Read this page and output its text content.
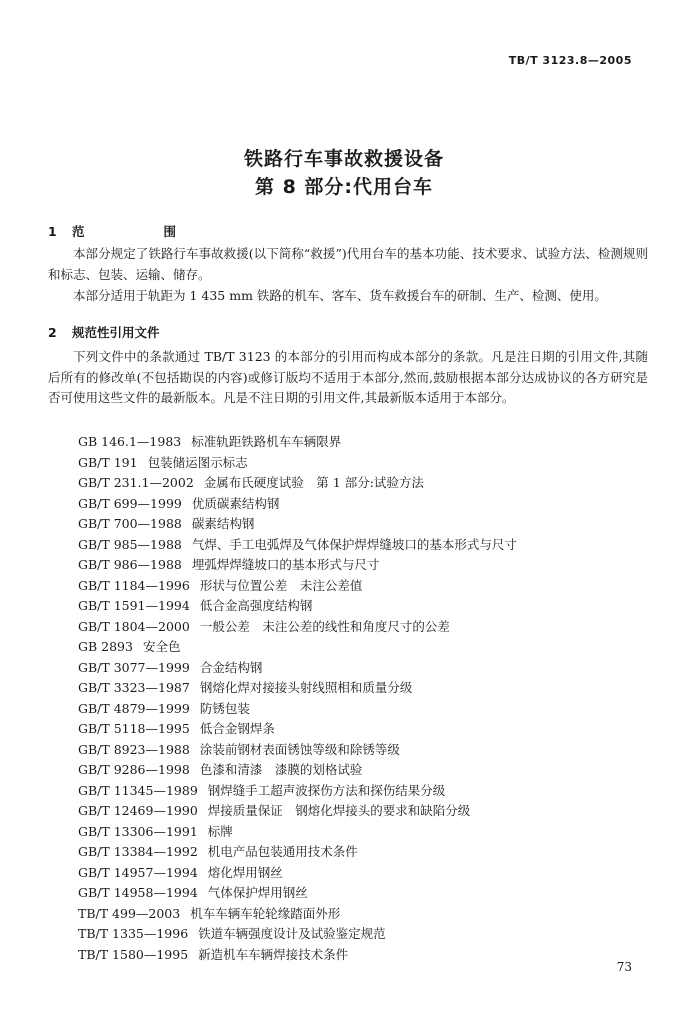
TB/T 3123.8—2005
铁路行车事故救援设备
第 8 部分:代用台车
1 范　　围

本部分规定了铁路行车事故救援(以下简称“救援”)代用台车的基本功能、技术要求、试验方法、检测规则和标志、包装、运输、储存。

本部分适用于轨距为 1 435 mm 铁路的机车、客车、货车救援台车的研制、生产、检测、使用。

2 规范性引用文件

下列文件中的条款通过 TB/T 3123 的本部分的引用而构成本部分的条款。凡是注日期的引用文件,其随后所有的修改单(不包括勘误的内容)或修订版均不适用于本部分,然而,鼓励根据本部分达成协议的各方研究是否可使用这些文件的最新版本。凡是不注日期的引用文件,其最新版本适用于本部分。

GB 146.1—1983 标准轨距铁路机车车辆限界
GB/T 191 包装储运图示标志
GB/T 231.1—2002 金属布氏硬度试验　第 1 部分:试验方法
GB/T 699—1999 优质碳素结构钢
GB/T 700—1988 碳素结构钢
GB/T 985—1988 气焊、手工电弧焊及气体保护焊焊缝坡口的基本形式与尺寸
GB/T 986—1988 埋弧焊焊缝坡口的基本形式与尺寸
GB/T 1184—1996 形状与位置公差　未注公差值
GB/T 1591—1994 低合金高强度结构钢
GB/T 1804—2000 一般公差　未注公差的线性和角度尺寸的公差
GB 2893 安全色
GB/T 3077—1999 合金结构钢
GB/T 3323—1987 钢熔化焊对接接头射线照相和质量分级
GB/T 4879—1999 防锈包装
GB/T 5118—1995 低合金钢焊条
GB/T 8923—1988 涂装前钢材表面锈蚀等级和除锈等级
GB/T 9286—1998 色漆和清漆　漆膜的划格试验
GB/T 11345—1989 钢焊缝手工超声波探伤方法和探伤结果分级
GB/T 12469—1990 焊接质量保证　钢熔化焊接头的要求和缺陷分级
GB/T 13306—1991 标牌
GB/T 13384—1992 机电产品包装通用技术条件
GB/T 14957—1994 熔化焊用钢丝
GB/T 14958—1994 气体保护焊用钢丝
TB/T 499—2003 机车车辆车轮轮缘踏面外形
TB/T 1335—1996 铁道车辆强度设计及试验鉴定规范
TB/T 1580—1995 新造机车车辆焊接技术条件
73
